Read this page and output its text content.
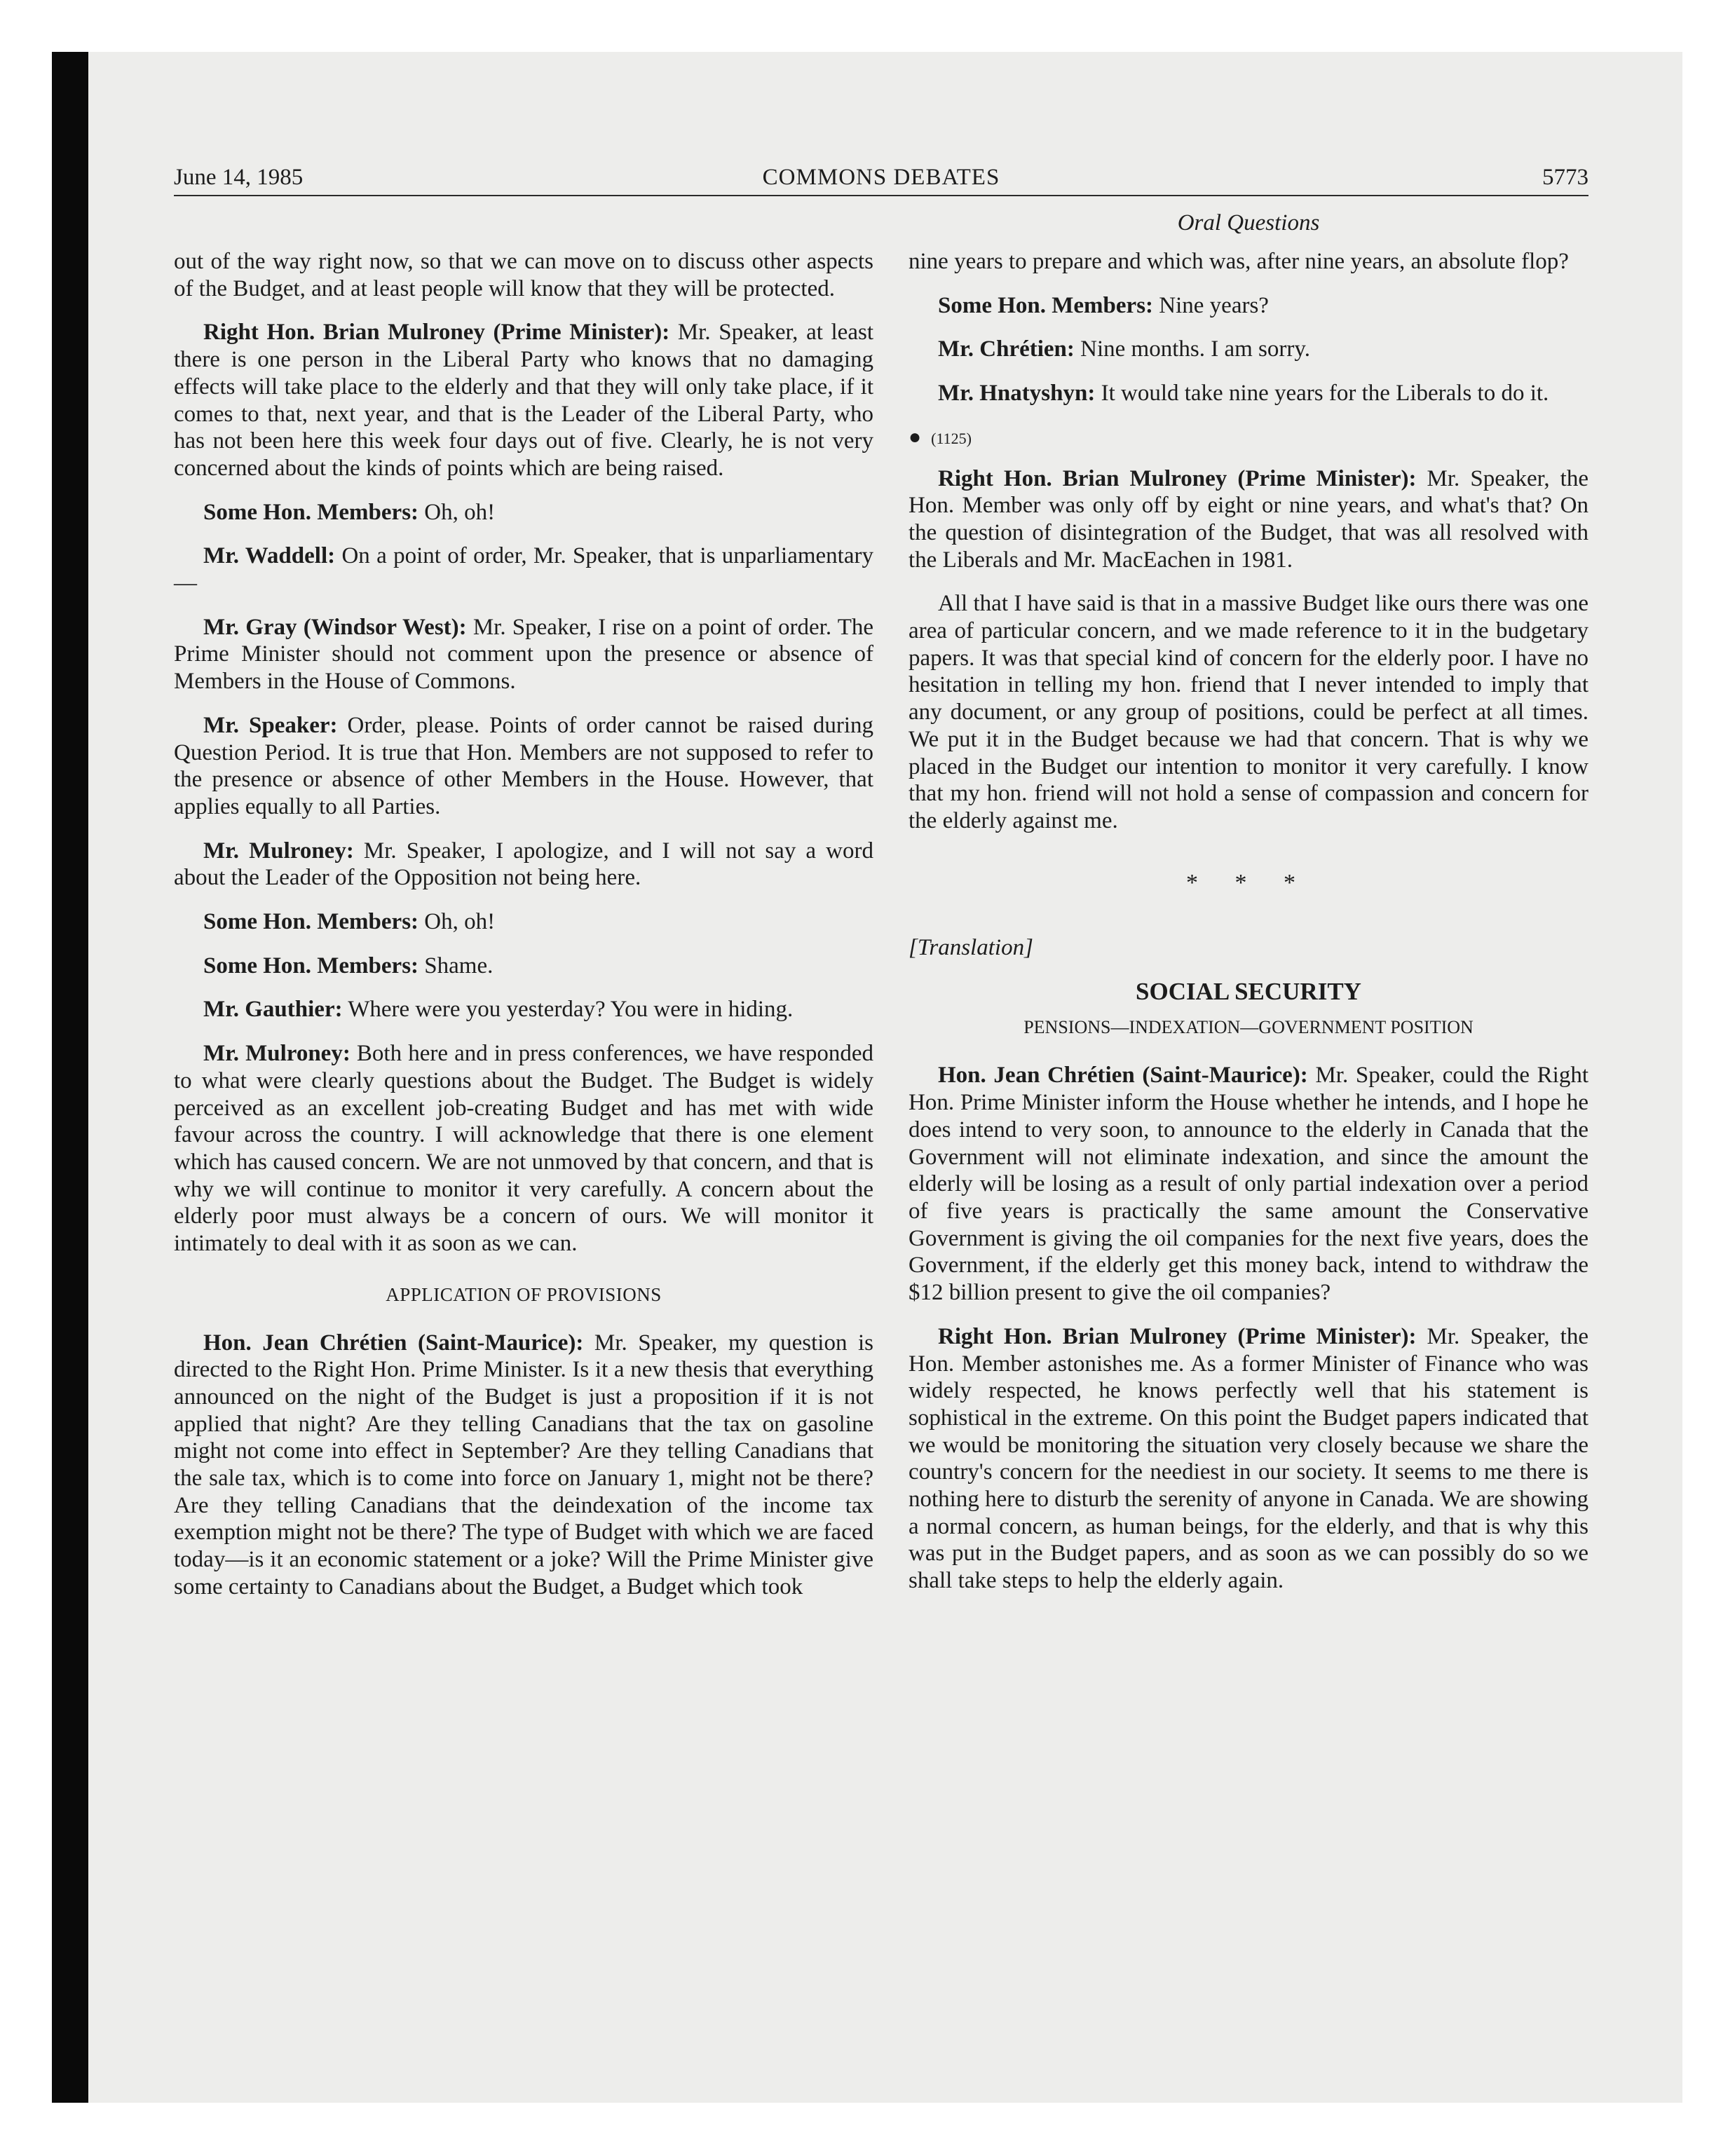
June 14, 1985	COMMONS DEBATES	5773
Oral Questions

out of the way right now, so that we can move on to discuss other aspects of the Budget, and at least people will know that they will be protected.

Right Hon. Brian Mulroney (Prime Minister): Mr. Speaker, at least there is one person in the Liberal Party who knows that no damaging effects will take place to the elderly and that they will only take place, if it comes to that, next year, and that is the Leader of the Liberal Party, who has not been here this week four days out of five. Clearly, he is not very concerned about the kinds of points which are being raised.

Some Hon. Members: Oh, oh!

Mr. Waddell: On a point of order, Mr. Speaker, that is unparliamentary—

Mr. Gray (Windsor West): Mr. Speaker, I rise on a point of order. The Prime Minister should not comment upon the presence or absence of Members in the House of Commons.

Mr. Speaker: Order, please. Points of order cannot be raised during Question Period. It is true that Hon. Members are not supposed to refer to the presence or absence of other Members in the House. However, that applies equally to all Parties.

Mr. Mulroney: Mr. Speaker, I apologize, and I will not say a word about the Leader of the Opposition not being here.

Some Hon. Members: Oh, oh!

Some Hon. Members: Shame.

Mr. Gauthier: Where were you yesterday? You were in hiding.

Mr. Mulroney: Both here and in press conferences, we have responded to what were clearly questions about the Budget. The Budget is widely perceived as an excellent job-creating Budget and has met with wide favour across the country. I will acknowledge that there is one element which has caused concern. We are not unmoved by that concern, and that is why we will continue to monitor it very carefully. A concern about the elderly poor must always be a concern of ours. We will monitor it intimately to deal with it as soon as we can.

APPLICATION OF PROVISIONS

Hon. Jean Chrétien (Saint-Maurice): Mr. Speaker, my question is directed to the Right Hon. Prime Minister. Is it a new thesis that everything announced on the night of the Budget is just a proposition if it is not applied that night? Are they telling Canadians that the tax on gasoline might not come into effect in September? Are they telling Canadians that the sale tax, which is to come into force on January 1, might not be there? Are they telling Canadians that the deindexation of the income tax exemption might not be there? The type of Budget with which we are faced today—is it an economic statement or a joke? Will the Prime Minister give some certainty to Canadians about the Budget, a Budget which took

nine years to prepare and which was, after nine years, an absolute flop?

Some Hon. Members: Nine years?

Mr. Chrétien: Nine months. I am sorry.

Mr. Hnatyshyn: It would take nine years for the Liberals to do it.

● (1125)

Right Hon. Brian Mulroney (Prime Minister): Mr. Speaker, the Hon. Member was only off by eight or nine years, and what's that? On the question of disintegration of the Budget, that was all resolved with the Liberals and Mr. MacEachen in 1981.

All that I have said is that in a massive Budget like ours there was one area of particular concern, and we made reference to it in the budgetary papers. It was that special kind of concern for the elderly poor. I have no hesitation in telling my hon. friend that I never intended to imply that any document, or any group of positions, could be perfect at all times. We put it in the Budget because we had that concern. That is why we placed in the Budget our intention to monitor it very carefully. I know that my hon. friend will not hold a sense of compassion and concern for the elderly against me.

* * *

[Translation]

SOCIAL SECURITY

PENSIONS—INDEXATION—GOVERNMENT POSITION

Hon. Jean Chrétien (Saint-Maurice): Mr. Speaker, could the Right Hon. Prime Minister inform the House whether he intends, and I hope he does intend to very soon, to announce to the elderly in Canada that the Government will not eliminate indexation, and since the amount the elderly will be losing as a result of only partial indexation over a period of five years is practically the same amount the Conservative Government is giving the oil companies for the next five years, does the Government, if the elderly get this money back, intend to withdraw the $12 billion present to give the oil companies?

Right Hon. Brian Mulroney (Prime Minister): Mr. Speaker, the Hon. Member astonishes me. As a former Minister of Finance who was widely respected, he knows perfectly well that his statement is sophistical in the extreme. On this point the Budget papers indicated that we would be monitoring the situation very closely because we share the country's concern for the neediest in our society. It seems to me there is nothing here to disturb the serenity of anyone in Canada. We are showing a normal concern, as human beings, for the elderly, and that is why this was put in the Budget papers, and as soon as we can possibly do so we shall take steps to help the elderly again.
